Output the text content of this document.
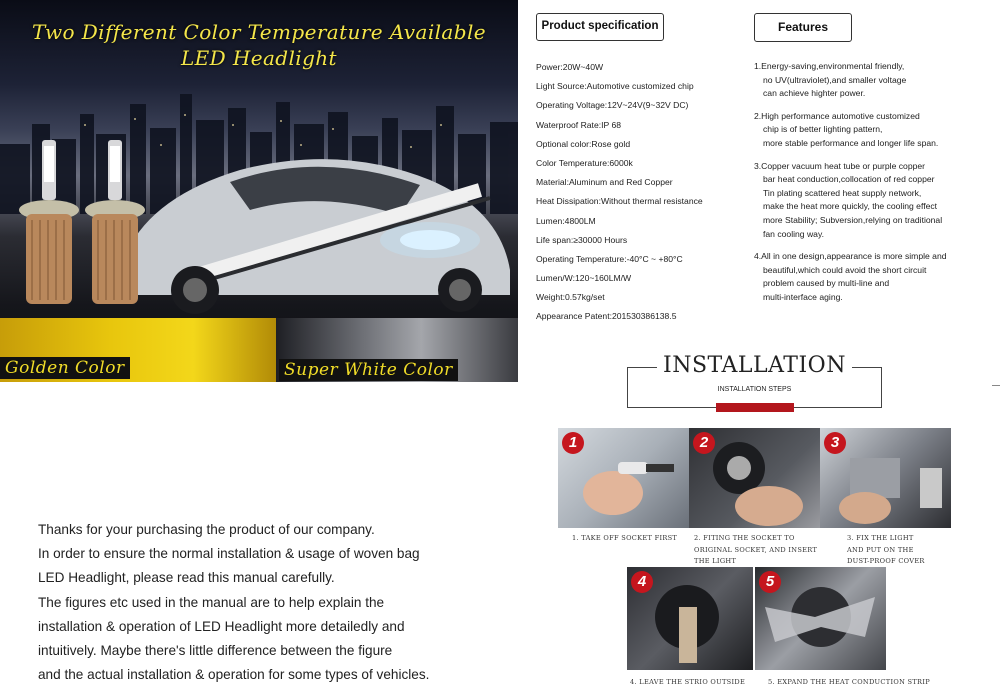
Two Different Color Temperature Available
LED Headlight
Golden Color	Super White Color
Product specification
Power:20W~40W
Light Source:Automotive customized chip
Operating Voltage:12V~24V(9~32V DC)
Waterproof Rate:IP 68
Optional color:Rose gold
Color Temperature:6000k
Material:Aluminum and Red Copper
Heat Dissipation:Without thermal resistance
Lumen:4800LM
Life span:≥30000 Hours
Operating Temperature:-40°C ~ +80°C
Lumen/W:120~160LM/W
Weight:0.57kg/set
Appearance Patent:201530386138.5
Features
1.Energy-saving,environmental friendly,
no UV(ultraviolet),and smaller voltage
can achieve highter power.
2.High performance automotive customized
chip is of better lighting pattern,
more stable performance and longer life span.
3.Copper vacuum heat tube or purple copper
bar heat conduction,collocation of red copper
Tin plating scattered heat supply network,
make the heat more quickly, the cooling effect
more Stability; Subversion,relying on traditional
fan cooling way.
4.All in one design,appearance is more simple and
beautiful,which could avoid the short circuit
problem caused by multi-line and
multi-interface aging.
INSTALLATION
INSTALLATION STEPS
1
1. TAKE OFF SOCKET FIRST
2
2. FITING THE SOCKET TO
ORIGINAL SOCKET, AND INSERT
THE LIGHT
3
3. FIX THE LIGHT
AND PUT ON THE
DUST-PROOF COVER
4
4. LEAVE THE STRIO OUTSIDE
5
5. EXPAND THE HEAT CONDUCTION STRIP
Thanks for your purchasing the product of our company.
In order to ensure the normal installation & usage of woven bag
LED Headlight, please read this manual carefully.
The figures etc used in the manual are to help explain the
installation & operation of LED Headlight more detailedly and
intuitively. Maybe there's little difference between the figure
and the actual installation & operation for some types of vehicles.
